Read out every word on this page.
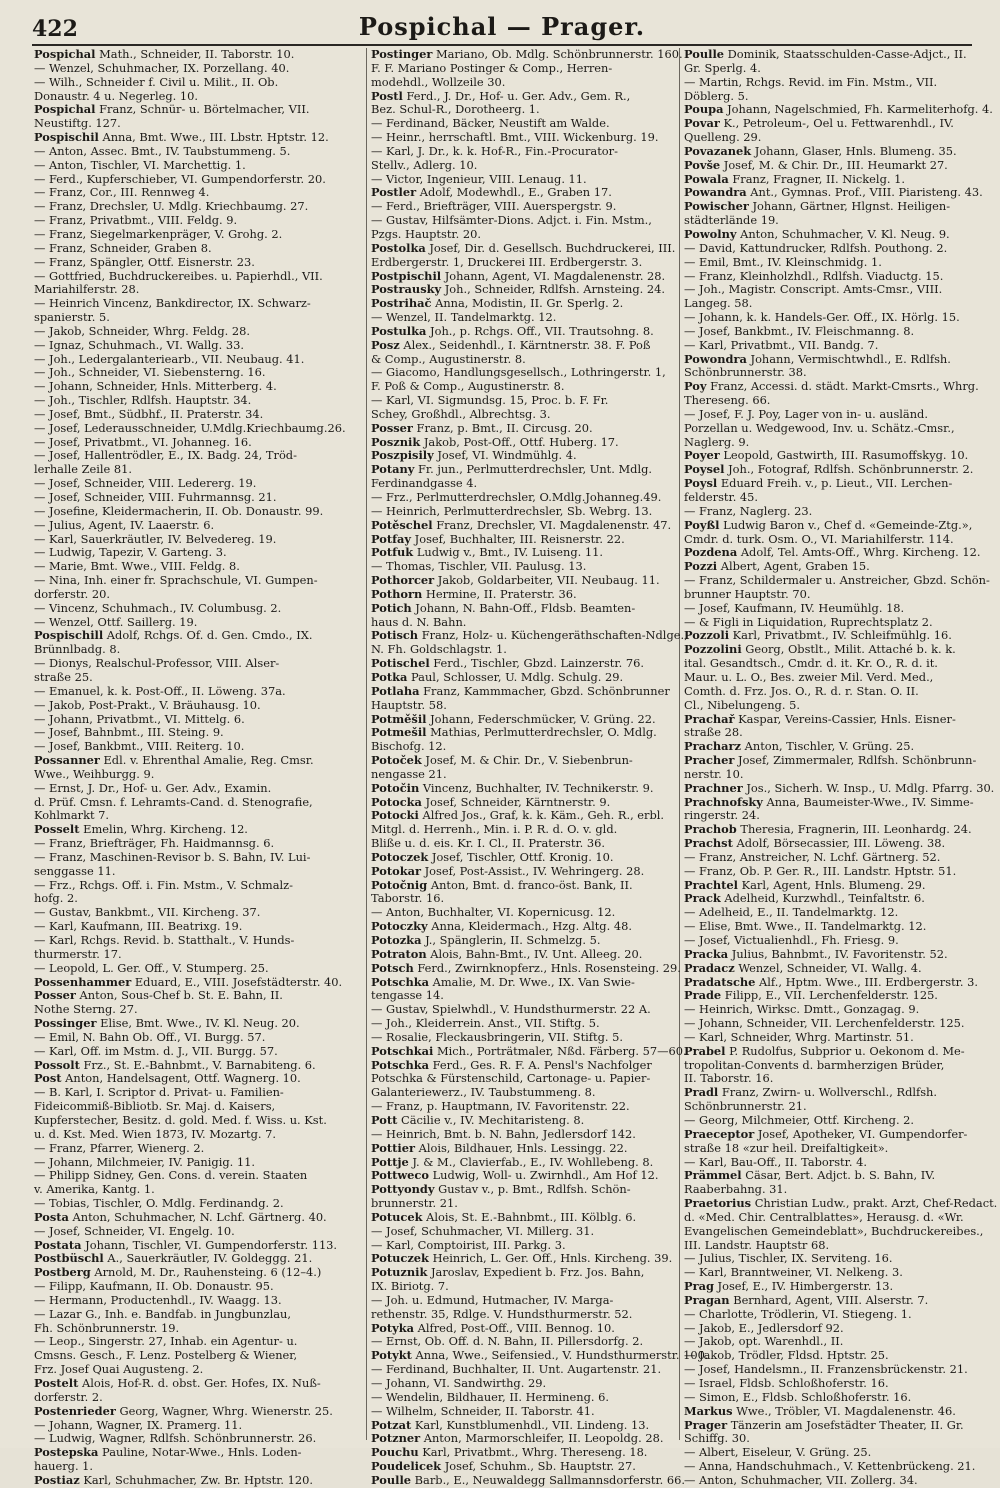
422	Pospichal — Prager.
Pospichal Math., Schneider, II. Taborstr. 10.
— Wenzel, Schuhmacher, IX. Porzellang. 40.
— Wilh., Schneider f. Civil u. Milit., II. Ob.
Donaustr. 4 u. Negerleg. 10.
Pospichal Franz, Schnür- u. Börtelmacher, VII.
Neustiftg. 127.
Pospischil Anna, Bmt. Wwe., III. Lbstr. Hptstr. 12.
— Anton, Assec. Bmt., IV. Taubstummeng. 5.
— Anton, Tischler, VI. Marchettig. 1.
— Ferd., Kupferschieber, VI. Gumpendorferstr. 20.
— Franz, Cor., III. Rennweg 4.
— Franz, Drechsler, U. Mdlg. Kriechbaumg. 27.
— Franz, Privatbmt., VIII. Feldg. 9.
— Franz, Siegelmarkenpräger, V. Grohg. 2.
— Franz, Schneider, Graben 8.
— Franz, Spängler, Ottf. Eisnerstr. 23.
— Gottfried, Buchdruckereibes. u. Papierhdl., VII.
Mariahilferstr. 28.
— Heinrich Vincenz, Bankdirector, IX. Schwarz-
spanierstr. 5.
— Jakob, Schneider, Whrg. Feldg. 28.
— Ignaz, Schuhmach., VI. Wallg. 33.
— Joh., Ledergalanteriearb., VII. Neubaug. 41.
— Joh., Schneider, VI. Siebensterng. 16.
— Johann, Schneider, Hnls. Mitterberg. 4.
— Joh., Tischler, Rdlfsh. Hauptstr. 34.
— Josef, Bmt., Südbhf., II. Praterstr. 34.
— Josef, Lederausschneider, U.Mdlg.Kriechbaumg.26.
— Josef, Privatbmt., VI. Johanneg. 16.
— Josef, Hallentrödler, E., IX. Badg. 24, Tröd-
lerhalle Zeile 81.
— Josef, Schneider, VIII. Ledererg. 19.
— Josef, Schneider, VIII. Fuhrmannsg. 21.
— Josefine, Kleidermacherin, II. Ob. Donaustr. 99.
— Julius, Agent, IV. Laaerstr. 6.
— Karl, Sauerkräutler, IV. Belvedereg. 19.
— Ludwig, Tapezir, V. Garteng. 3.
— Marie, Bmt. Wwe., VIII. Feldg. 8.
— Nina, Inh. einer fr. Sprachschule, VI. Gumpen-
dorferstr. 20.
— Vincenz, Schuhmach., IV. Columbusg. 2.
— Wenzel, Ottf. Saillerg. 19.
Pospischill Adolf, Rchgs. Of. d. Gen. Cmdo., IX.
Brünnlbadg. 8.
— Dionys, Realschul-Professor, VIII. Alser-
straße 25.
— Emanuel, k. k. Post-Off., II. Löweng. 37a.
— Jakob, Post-Prakt., V. Bräuhausg. 10.
— Johann, Privatbmt., VI. Mittelg. 6.
— Josef, Bahnbmt., III. Steing. 9.
— Josef, Bankbmt., VIII. Reiterg. 10.
Possanner Edl. v. Ehrenthal Amalie, Reg. Cmsr.
Wwe., Weihburgg. 9.
— Ernst, J. Dr., Hof- u. Ger. Adv., Examin.
d. Prüf. Cmsn. f. Lehramts-Cand. d. Stenografie,
Kohlmarkt 7.
Posselt Emelin, Whrg. Kircheng. 12.
— Franz, Briefträger, Fh. Haidmannsg. 6.
— Franz, Maschinen-Revisor b. S. Bahn, IV. Lui-
senggasse 11.
— Frz., Rchgs. Off. i. Fin. Mstm., V. Schmalz-
hofg. 2.
— Gustav, Bankbmt., VII. Kircheng. 37.
— Karl, Kaufmann, III. Beatrixg. 19.
— Karl, Rchgs. Revid. b. Statthalt., V. Hunds-
thurmerstr. 17.
— Leopold, L. Ger. Off., V. Stumperg. 25.
Possenhammer Eduard, E., VIII. Josefstädterstr. 40.
Posser Anton, Sous-Chef b. St. E. Bahn, II.
Nothe Sterng. 27.
Possinger Elise, Bmt. Wwe., IV. Kl. Neug. 20.
— Emil, N. Bahn Ob. Off., VI. Burgg. 57.
— Karl, Off. im Mstm. d. J., VII. Burgg. 57.
Possolt Frz., St. E.-Bahnbmt., V. Barnabiteng. 6.
Post Anton, Handelsagent, Ottf. Wagnerg. 10.
— B. Karl, I. Scriptor d. Privat- u. Familien-
Fideicommiß-Bibliotb. Sr. Maj. d. Kaisers,
Kupferstecher, Besitz. d. gold. Med. f. Wiss. u. Kst.
u. d. Kst. Med. Wien 1873, IV. Mozartg. 7.
— Franz, Pfarrer, Wienerg. 2.
— Johann, Milchmeier, IV. Panigig. 11.
— Philipp Sidney, Gen. Cons. d. verein. Staaten
v. Amerika, Kantg. 1.
— Tobias, Tischler, O. Mdlg. Ferdinandg. 2.
Posta Anton, Schuhmacher, N. Lchf. Gärtnerg. 40.
— Josef, Schneider, VI. Engelg. 10.
Postata Johann, Tischler, VI. Gumpendorferstr. 113.
Postbüschl A., Sauerkräutler, IV. Goldeggg. 21.
Postberg Arnold, M. Dr., Rauhensteing. 6 (12–4.)
— Filipp, Kaufmann, II. Ob. Donaustr. 95.
— Hermann, Productenhdl., IV. Waagg. 13.
— Lazar G., Inh. e. Bandfab. in Jungbunzlau,
Fh. Schönbrunnerstr. 19.
— Leop., Singerstr. 27, Inhab. ein Agentur- u.
Cmsns. Gesch., F. Lenz. Postelberg & Wiener,
Frz. Josef Quai Augusteng. 2.
Postelt Alois, Hof-R. d. obst. Ger. Hofes, IX. Nuß-
dorferstr. 2.
Postenrieder Georg, Wagner, Whrg. Wienerstr. 25.
— Johann, Wagner, IX. Pramerg. 11.
— Ludwig, Wagner, Rdlfsh. Schönbrunnerstr. 26.
Postepska Pauline, Notar-Wwe., Hnls. Loden-
hauerg. 1.
Postiaz Karl, Schuhmacher, Zw. Br. Hptstr. 120.
Postinger Mariano, Ob. Mdlg. Schönbrunnerstr. 160.
F. F. Mariano Postinger & Comp., Herren-
modehdl., Wollzeile 30.
Postl Ferd., J. Dr., Hof- u. Ger. Adv., Gem. R.,
Bez. Schul-R., Dorotheerg. 1.
— Ferdinand, Bäcker, Neustift am Walde.
— Heinr., herrschaftl. Bmt., VIII. Wickenburg. 19.
— Karl, J. Dr., k. k. Hof-R., Fin.-Procurator-
Stellv., Adlerg. 10.
— Victor, Ingenieur, VIII. Lenaug. 11.
Postler Adolf, Modewhdl., E., Graben 17.
— Ferd., Briefträger, VIII. Auerspergstr. 9.
— Gustav, Hilfsämter-Dions. Adjct. i. Fin. Mstm.,
Pzgs. Hauptstr. 20.
Postolka Josef, Dir. d. Gesellsch. Buchdruckerei, III.
Erdbergerstr. 1, Druckerei III. Erdbergerstr. 3.
Postpischil Johann, Agent, VI. Magdalenenstr. 28.
Postrausky Joh., Schneider, Rdlfsh. Arnsteing. 24.
Postrihač Anna, Modistin, II. Gr. Sperlg. 2.
— Wenzel, II. Tandelmarktg. 12.
Postulka Joh., p. Rchgs. Off., VII. Trautsohng. 8.
Posz Alex., Seidenhdl., I. Kärntnerstr. 38. F. Poß
& Comp., Augustinerstr. 8.
— Giacomo, Handlungsgesellsch., Lothringerstr. 1,
F. Poß & Comp., Augustinerstr. 8.
— Karl, VI. Sigmundsg. 15, Proc. b. F. Fr.
Schey, Großhdl., Albrechtsg. 3.
Posser Franz, p. Bmt., II. Circusg. 20.
Posznik Jakob, Post-Off., Ottf. Huberg. 17.
Poszpisily Josef, VI. Windmühlg. 4.
Potany Fr. jun., Perlmutterdrechsler, Unt. Mdlg.
Ferdinandgasse 4.
— Frz., Perlmutterdrechsler, O.Mdlg.Johanneg.49.
— Heinrich, Perlmutterdrechsler, Sb. Webrg. 13.
Potěschel Franz, Drechsler, VI. Magdalenenstr. 47.
Potfay Josef, Buchhalter, III. Reisnerstr. 22.
Potfuk Ludwig v., Bmt., IV. Luiseng. 11.
— Thomas, Tischler, VII. Paulusg. 13.
Pothorcer Jakob, Goldarbeiter, VII. Neubaug. 11.
Pothorn Hermine, II. Praterstr. 36.
Potich Johann, N. Bahn-Off., Fldsb. Beamten-
haus d. N. Bahn.
Potisch Franz, Holz- u. Küchengeräthschaften-Ndlge.,
N. Fh. Goldschlagstr. 1.
Potischel Ferd., Tischler, Gbzd. Lainzerstr. 76.
Potka Paul, Schlosser, U. Mdlg. Schulg. 29.
Potlaha Franz, Kammmacher, Gbzd. Schönbrunner
Hauptstr. 58.
Potměšil Johann, Federschmücker, V. Grüng. 22.
Potmešil Mathias, Perlmutterdrechsler, O. Mdlg.
Bischofg. 12.
Potoček Josef, M. & Chir. Dr., V. Siebenbrun-
nengasse 21.
Potočin Vincenz, Buchhalter, IV. Technikerstr. 9.
Potocka Josef, Schneider, Kärntnerstr. 9.
Potocki Alfred Jos., Graf, k. k. Käm., Geh. R., erbl.
Mitgl. d. Herrenh., Min. i. P. R. d. O. v. gld.
Bliße u. d. eis. Kr. I. Cl., II. Praterstr. 36.
Potoczek Josef, Tischler, Ottf. Kronig. 10.
Potokar Josef, Post-Assist., IV. Wehringerg. 28.
Potočnig Anton, Bmt. d. franco-öst. Bank, II.
Taborstr. 16.
— Anton, Buchhalter, VI. Kopernicusg. 12.
Potoczky Anna, Kleidermach., Hzg. Altg. 48.
Potozka J., Spänglerin, II. Schmelzg. 5.
Potraton Alois, Bahn-Bmt., IV. Unt. Alleeg. 20.
Potsch Ferd., Zwirnknopferz., Hnls. Rosensteing. 29.
Potschka Amalie, M. Dr. Wwe., IX. Van Swie-
tengasse 14.
— Gustav, Spielwhdl., V. Hundsthurmerstr. 22 A.
— Joh., Kleiderrein. Anst., VII. Stiftg. 5.
— Rosalie, Fleckausbringerin, VII. Stiftg. 5.
Potschkai Mich., Porträtmaler, Nßd. Färberg. 57—60.
Potschka Ferd., Ges. R. F. A. Pensl's Nachfolger
Potschka & Fürstenschild, Cartonage- u. Papier-
Galanteriewerz., IV. Taubstummeng. 8.
— Franz, p. Hauptmann, IV. Favoritenstr. 22.
Pott Cäcilie v., IV. Mechitaristeng. 8.
— Heinrich, Bmt. b. N. Bahn, Jedlersdorf 142.
Pottier Alois, Bildhauer, Hnls. Lessingg. 22.
Pottje J. & M., Clavierfab., E., IV. Wohllebeng. 8.
Pottweco Ludwig, Woll- u. Zwirnhdl., Am Hof 12.
Pottyondy Gustav v., p. Bmt., Rdlfsh. Schön-
brunnerstr. 21.
Potucek Alois, St. E.-Bahnbmt., III. Kölblg. 6.
— Josef, Schuhmacher, VI. Millerg. 31.
— Karl, Comptoirist, III. Parkg. 3.
Potuczek Heinrich, L. Ger. Off., Hnls. Kircheng. 39.
Potuznik Jaroslav, Expedient b. Frz. Jos. Bahn,
IX. Biriotg. 7.
— Joh. u. Edmund, Hutmacher, IV. Marga-
rethenstr. 35, Rdlge. V. Hundsthurmerstr. 52.
Potyka Alfred, Post-Off., VIII. Bennog. 10.
— Ernst, Ob. Off. d. N. Bahn, II. Pillersdorfg. 2.
Potykt Anna, Wwe., Seifensied., V. Hundsthurmerstr. 100.
— Ferdinand, Buchhalter, II. Unt. Augartenstr. 21.
— Johann, VI. Sandwirthg. 29.
— Wendelin, Bildhauer, II. Hermineng. 6.
— Wilhelm, Schneider, II. Taborstr. 41.
Potzat Karl, Kunstblumenhdl., VII. Lindeng. 13.
Potzner Anton, Marmorschleifer, II. Leopoldg. 28.
Pouchu Karl, Privatbmt., Whrg. Thereseng. 18.
Poudelicek Josef, Schuhm., Sb. Hauptstr. 27.
Poulle Barb., E., Neuwaldegg Sallmannsdorferstr. 66.
Poulle Dominik, Staatsschulden-Casse-Adjct., II.
Gr. Sperlg. 4.
— Martin, Rchgs. Revid. im Fin. Mstm., VII.
Döblerg. 5.
Poupa Johann, Nagelschmied, Fh. Karmeliterhofg. 4.
Povar K., Petroleum-, Oel u. Fettwarenhdl., IV.
Quelleng. 29.
Povazanek Johann, Glaser, Hnls. Blumeng. 35.
Povše Josef, M. & Chir. Dr., III. Heumarkt 27.
Powala Franz, Fragner, II. Nickelg. 1.
Powandra Ant., Gymnas. Prof., VIII. Piaristeng. 43.
Powischer Johann, Gärtner, Hlgnst. Heiligen-
städterlände 19.
Powolny Anton, Schuhmacher, V. Kl. Neug. 9.
— David, Kattundrucker, Rdlfsh. Pouthong. 2.
— Emil, Bmt., IV. Kleinschmidg. 1.
— Franz, Kleinholzhdl., Rdlfsh. Viaductg. 15.
— Joh., Magistr. Conscript. Amts-Cmsr., VIII.
Langeg. 58.
— Johann, k. k. Handels-Ger. Off., IX. Hörlg. 15.
— Josef, Bankbmt., IV. Fleischmanng. 8.
— Karl, Privatbmt., VII. Bandg. 7.
Powondra Johann, Vermischtwhdl., E. Rdlfsh.
Schönbrunnerstr. 38.
Poy Franz, Accessi. d. städt. Markt-Cmsrts., Whrg.
Thereseng. 66.
— Josef, F. J. Poy, Lager von in- u. ausländ.
Porzellan u. Wedgewood, Inv. u. Schätz.-Cmsr.,
Naglerg. 9.
Poyer Leopold, Gastwirth, III. Rasumoffskyg. 10.
Poysel Joh., Fotograf, Rdlfsh. Schönbrunnerstr. 2.
Poysl Eduard Freih. v., p. Lieut., VII. Lerchen-
felderstr. 45.
— Franz, Naglerg. 23.
Poyßl Ludwig Baron v., Chef d. «Gemeinde-Ztg.»,
Cmdr. d. turk. Osm. O., VI. Mariahilferstr. 114.
Pozdena Adolf, Tel. Amts-Off., Whrg. Kircheng. 12.
Pozzi Albert, Agent, Graben 15.
— Franz, Schildermaler u. Anstreicher, Gbzd. Schön-
brunner Hauptstr. 70.
— Josef, Kaufmann, IV. Heumühlg. 18.
— & Figli in Liquidation, Ruprechtsplatz 2.
Pozzoli Karl, Privatbmt., IV. Schleifmühlg. 16.
Pozzolini Georg, Obstlt., Milit. Attaché b. k. k.
ital. Gesandtsch., Cmdr. d. it. Kr. O., R. d. it.
Maur. u. L. O., Bes. zweier Mil. Verd. Med.,
Comth. d. Frz. Jos. O., R. d. r. Stan. O. II.
Cl., Nibelungeng. 5.
Prachař Kaspar, Vereins-Cassier, Hnls. Eisner-
straße 28.
Pracharz Anton, Tischler, V. Grüng. 25.
Pracher Josef, Zimmermaler, Rdlfsh. Schönbrunn-
nerstr. 10.
Prachner Jos., Sicherh. W. Insp., U. Mdlg. Pfarrg. 30.
Prachnofsky Anna, Baumeister-Wwe., IV. Simme-
ringerstr. 24.
Prachob Theresia, Fragnerin, III. Leonhardg. 24.
Prachst Adolf, Börsecassier, III. Löweng. 38.
— Franz, Anstreicher, N. Lchf. Gärtnerg. 52.
— Franz, Ob. P. Ger. R., III. Landstr. Hptstr. 51.
Prachtel Karl, Agent, Hnls. Blumeng. 29.
Prack Adelheid, Kurzwhdl., Teinfaltstr. 6.
— Adelheid, E., II. Tandelmarktg. 12.
— Elise, Bmt. Wwe., II. Tandelmarktg. 12.
— Josef, Victualienhdl., Fh. Friesg. 9.
Pracka Julius, Bahnbmt., IV. Favoritenstr. 52.
Pradacz Wenzel, Schneider, VI. Wallg. 4.
Pradatsche Alf., Hptm. Wwe., III. Erdbergerstr. 3.
Prade Filipp, E., VII. Lerchenfelderstr. 125.
— Heinrich, Wirksc. Dmtt., Gonzagag. 9.
— Johann, Schneider, VII. Lerchenfelderstr. 125.
— Karl, Schneider, Whrg. Martinstr. 51.
Prabel P. Rudolfus, Subprior u. Oekonom d. Me-
tropolitan-Convents d. barmherzigen Brüder,
II. Taborstr. 16.
Pradl Franz, Zwirn- u. Wollverschl., Rdlfsh.
Schönbrunnerstr. 21.
— Georg, Milchmeier, Ottf. Kircheng. 2.
Praeceptor Josef, Apotheker, VI. Gumpendorfer-
straße 18 «zur heil. Dreifaltigkeit».
— Karl, Bau-Off., II. Taborstr. 4.
Prämmel Cäsar, Bert. Adjct. b. S. Bahn, IV.
Raaberbahng. 31.
Praetorius Christian Ludw., prakt. Arzt, Chef-Redact.
d. «Med. Chir. Centralblattes», Herausg. d. «Wr.
Evangelischen Gemeindeblatt», Buchdruckereibes.,
III. Landstr. Hauptstr 68.
— Julius, Tischler, IX. Serviteng. 16.
— Karl, Branntweiner, VI. Nelkeng. 3.
Prag Josef, E., IV. Himbergerstr. 13.
Pragan Bernhard, Agent, VIII. Alserstr. 7.
— Charlotte, Trödlerin, VI. Stiegeng. 1.
— Jakob, E., Jedlersdorf 92.
— Jakob, opt. Warenhdl., II.
— Jakob, Trödler, Fldsd. Hptstr. 25.
— Josef, Handelsmn., II. Franzensbrückenstr. 21.
— Israel, Fldsb. Schloßhoferstr. 16.
— Simon, E., Fldsb. Schloßhoferstr. 16.
Markus Wwe., Tröbler, VI. Magdalenenstr. 46.
Prager Tänzerin am Josefstädter Theater, II. Gr.
Schiffg. 30.
— Albert, Eiseleur, V. Grüng. 25.
— Anna, Handschuhmach., V. Kettenbrückeng. 21.
— Anton, Schuhmacher, VII. Zollerg. 34.
